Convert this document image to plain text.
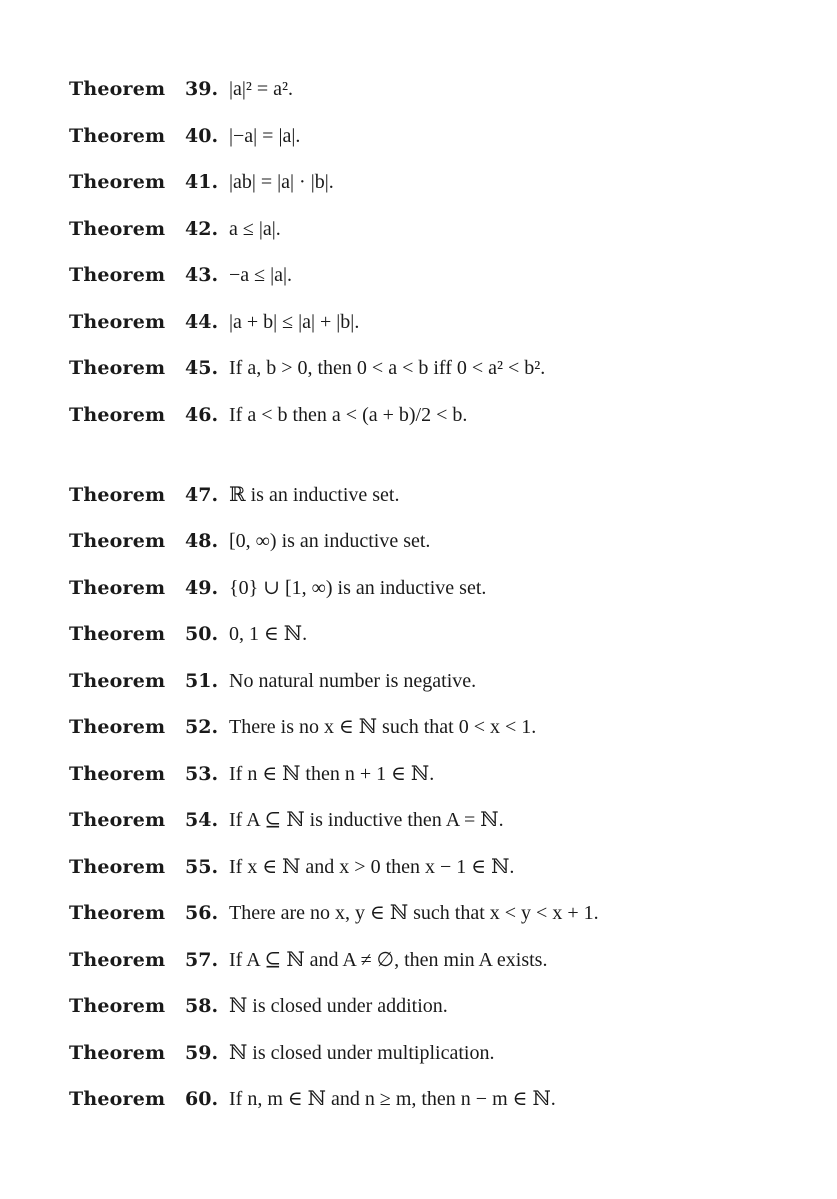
Theorem	39. |a|² = a².
Theorem	40. |−a| = |a|.
Theorem	41. |ab| = |a| · |b|.
Theorem	42. a ≤ |a|.
Theorem	43. −a ≤ |a|.
Theorem	44. |a + b| ≤ |a| + |b|.
Theorem	45. If a, b > 0, then 0 < a < b iff 0 < a² < b².
Theorem	46. If a < b then a < (a + b)/2 < b.
Theorem	47. ℝ is an inductive set.
Theorem	48. [0, ∞) is an inductive set.
Theorem	49. {0} ∪ [1, ∞) is an inductive set.
Theorem	50. 0, 1 ∈ ℕ.
Theorem	51. No natural number is negative.
Theorem	52. There is no x ∈ ℕ such that 0 < x < 1.
Theorem	53. If n ∈ ℕ then n + 1 ∈ ℕ.
Theorem	54. If A ⊆ ℕ is inductive then A = ℕ.
Theorem	55. If x ∈ ℕ and x > 0 then x − 1 ∈ ℕ.
Theorem	56. There are no x, y ∈ ℕ such that x < y < x + 1.
Theorem	57. If A ⊆ ℕ and A ≠ ∅, then min A exists.
Theorem	58. ℕ is closed under addition.
Theorem	59. ℕ is closed under multiplication.
Theorem	60. If n, m ∈ ℕ and n ≥ m, then n − m ∈ ℕ.
